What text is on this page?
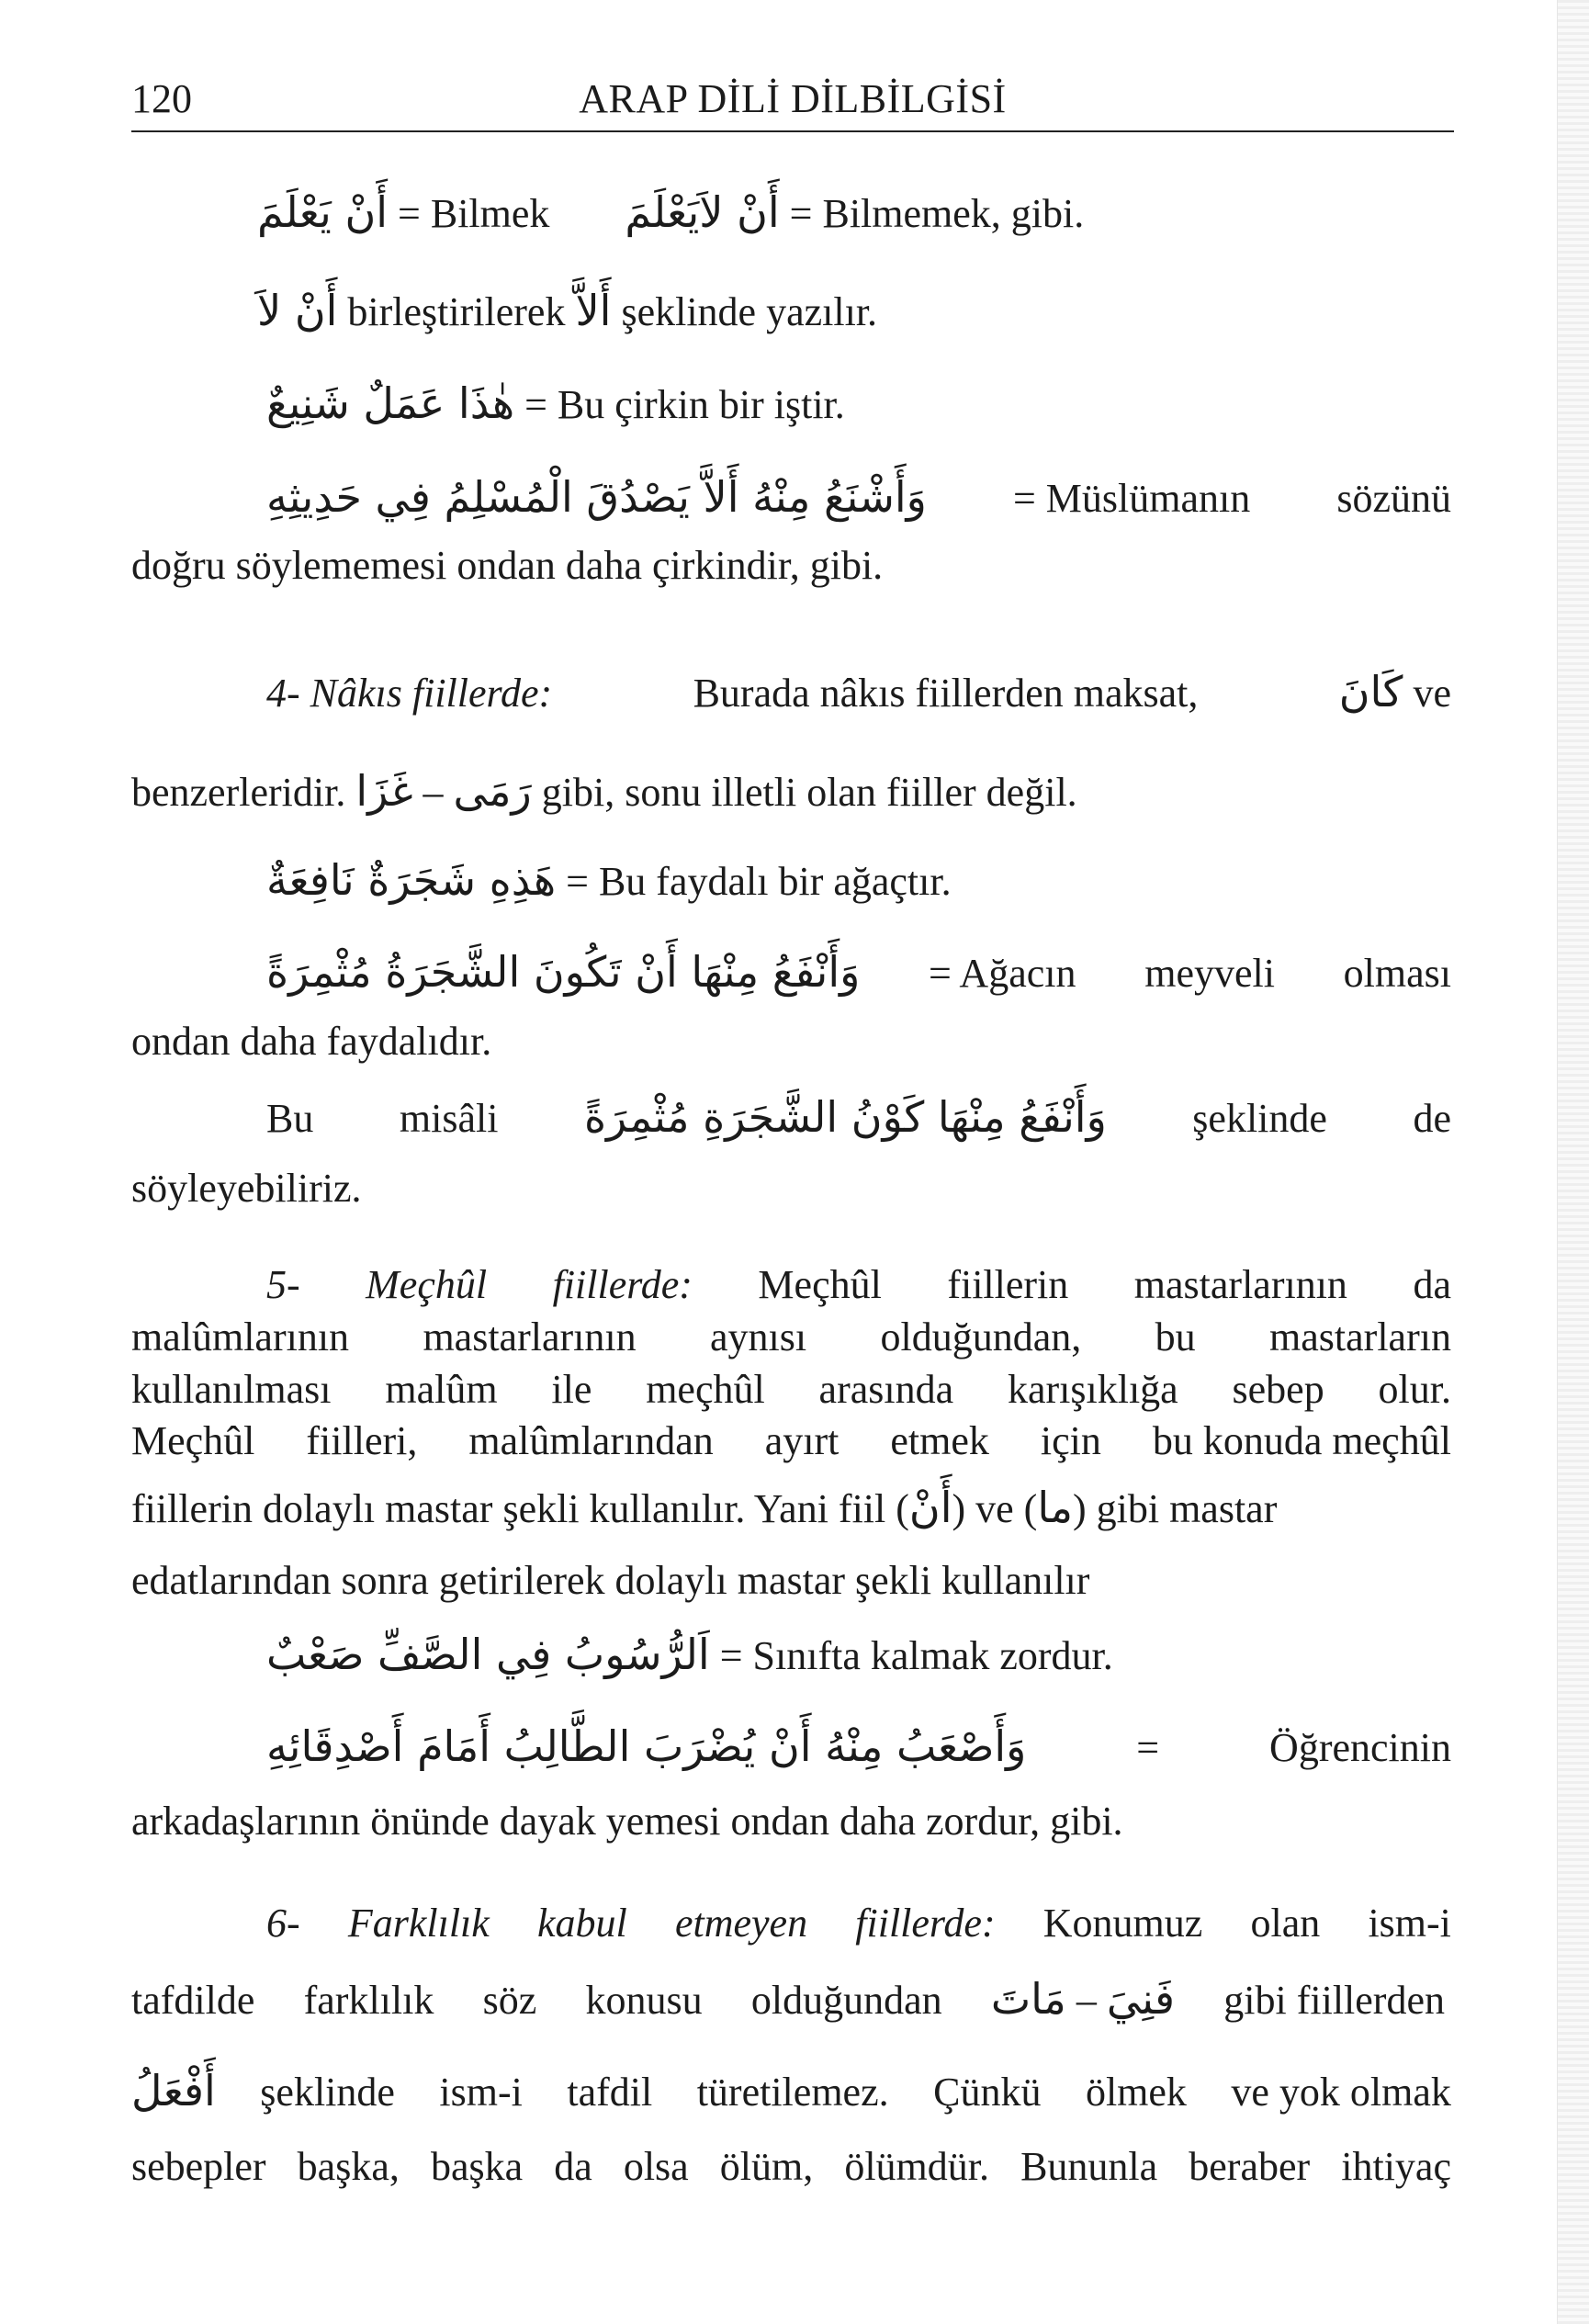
120	ARAP DİLİ DİLBİLGİSİ
أَنْ يَعْلَمَ = Bilmek أَنْ لاَيَعْلَمَ = Bilmemek, gibi.
أَنْ لاَ birleştirilerek أَلاَّ şeklinde yazılır.
هٰذَا عَمَلٌ شَنِيعٌ = Bu çirkin bir iştir.
وَأَشْنَعُ مِنْهُ أَلاَّ يَصْدُقَ الْمُسْلِمُ فِي حَدِيثِهِ = Müslümanın sözünü
doğru söylememesi ondan daha çirkindir, gibi.
4- Nâkıs fiillerde:	Burada nâkıs fiillerden maksat,	كَانَ ve
benzerleridir. غَزَا – رَمَى gibi, sonu illetli olan fiiller değil.
هَذِهِ شَجَرَةٌ نَافِعَةٌ = Bu faydalı bir ağaçtır.
وَأَنْفَعُ مِنْهَا أَنْ تَكُونَ الشَّجَرَةُ مُثْمِرَةً = Ağacın meyveli olması
ondan daha faydalıdır.
Bu misâli وَأَنْفَعُ مِنْهَا كَوْنُ الشَّجَرَةِ مُثْمِرَةً şeklinde de
söyleyebiliriz.
5- Meçhûl fiillerde: Meçhûl fiillerin mastarlarının da
malûmlarının mastarlarının aynısı olduğundan, bu mastarların
kullanılması malûm ile meçhûl arasında karışıklığa sebep olur.
Meçhûl fiilleri, malûmlarından ayırt etmek için bu konuda meçhûl
fiillerin dolaylı mastar şekli kullanılır. Yani fiil (أَنْ) ve (ما) gibi mastar
edatlarından sonra getirilerek dolaylı mastar şekli kullanılır
اَلرُّسُوبُ فِي الصَّفِّ صَعْبٌ = Sınıfta kalmak zordur.
وَأَصْعَبُ مِنْهُ أَنْ يُضْرَبَ الطَّالِبُ أَمَامَ أَصْدِقَائِهِ	=	Öğrencinin
arkadaşlarının önünde dayak yemesi ondan daha zordur, gibi.
6- Farklılık kabul etmeyen fiillerde: Konumuz olan ism-i
tafdilde farklılık söz konusu olduğundan مَاتَ – فَنِيَ gibi fiillerden
أَفْعَلُ şeklinde ism-i tafdil türetilemez. Çünkü ölmek ve yok olmak
sebepler başka, başka da olsa ölüm, ölümdür. Bununla beraber ihtiyaç
